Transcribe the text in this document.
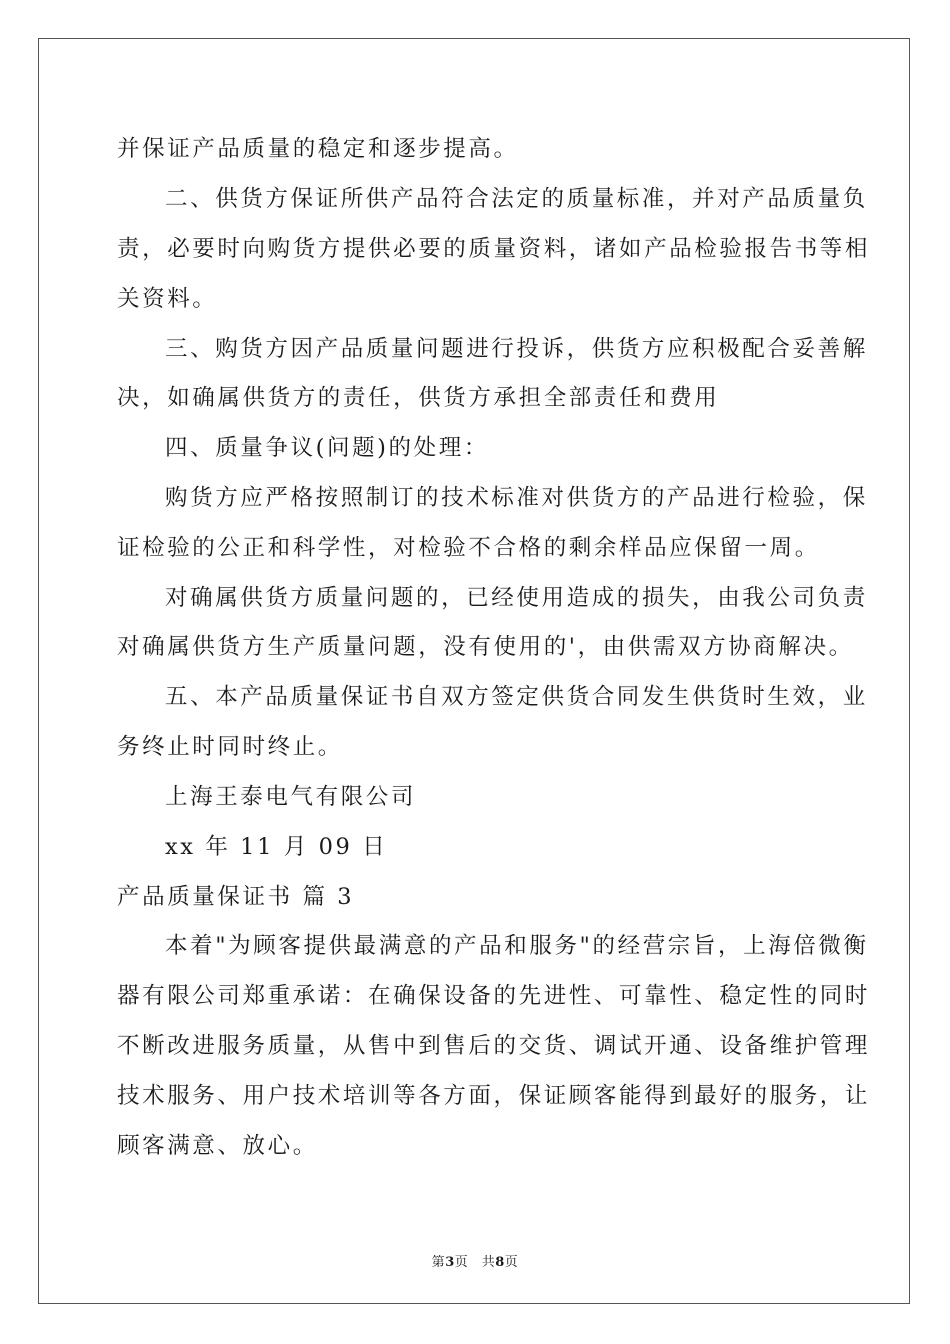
并保证产品质量的稳定和逐步提高。
二、供货方保证所供产品符合法定的质量标准，并对产品质量负
责，必要时向购货方提供必要的质量资料，诸如产品检验报告书等相
关资料。
三、购货方因产品质量问题进行投诉，供货方应积极配合妥善解
决，如确属供货方的责任，供货方承担全部责任和费用
四、质量争议(问题)的处理：
购货方应严格按照制订的技术标准对供货方的产品进行检验，保
证检验的公正和科学性，对检验不合格的剩余样品应保留一周。
对确属供货方质量问题的，已经使用造成的损失，由我公司负责
对确属供货方生产质量问题，没有使用的'，由供需双方协商解决。
五、本产品质量保证书自双方签定供货合同发生供货时生效，业
务终止时同时终止。
上海王泰电气有限公司
xx 年 11 月 09 日
产品质量保证书 篇 3
本着"为顾客提供最满意的产品和服务"的经营宗旨，上海倍微衡
器有限公司郑重承诺：在确保设备的先进性、可靠性、稳定性的同时
不断改进服务质量，从售中到售后的交货、调试开通、设备维护管理
技术服务、用户技术培训等各方面，保证顾客能得到最好的服务，让
顾客满意、放心。
第3页　共8页
